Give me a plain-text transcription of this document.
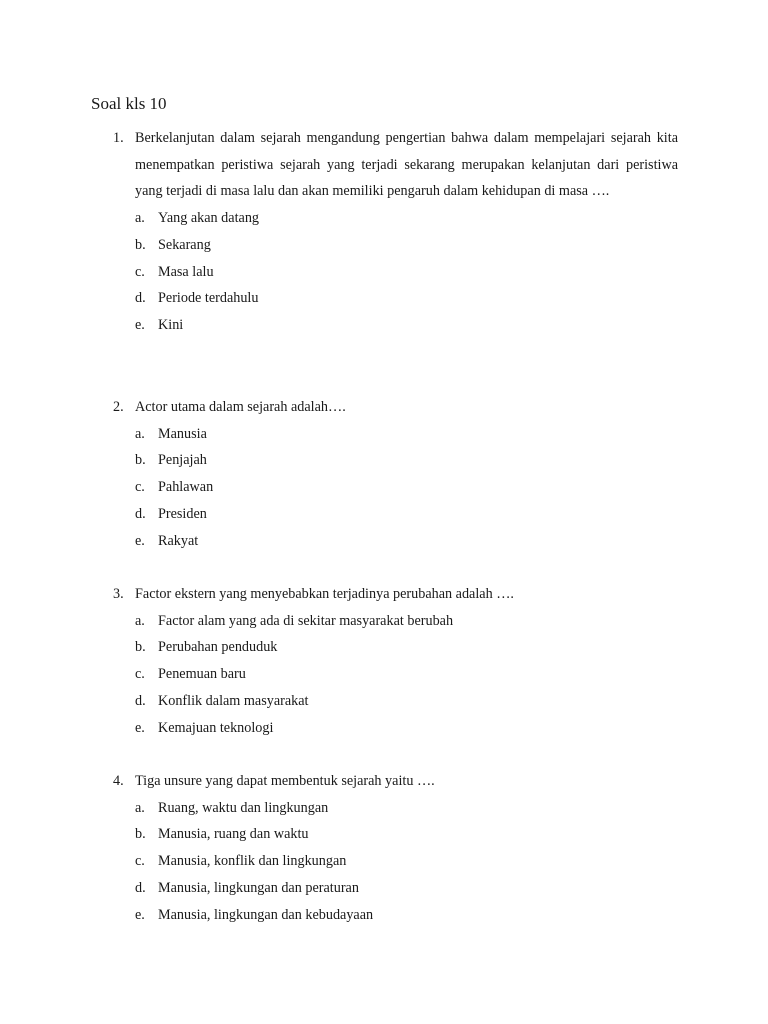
Soal kls 10
1. Berkelanjutan dalam sejarah mengandung pengertian bahwa dalam mempelajari sejarah kita menempatkan peristiwa sejarah yang terjadi sekarang merupakan kelanjutan dari peristiwa yang terjadi di masa lalu dan akan memiliki pengaruh dalam kehidupan di masa ….
a. Yang akan datang
b. Sekarang
c. Masa lalu
d. Periode terdahulu
e. Kini
2. Actor utama dalam sejarah adalah….
a. Manusia
b. Penjajah
c. Pahlawan
d. Presiden
e. Rakyat
3. Factor ekstern yang menyebabkan terjadinya perubahan adalah ….
a. Factor alam yang ada di sekitar masyarakat berubah
b. Perubahan penduduk
c. Penemuan baru
d. Konflik dalam masyarakat
e. Kemajuan teknologi
4. Tiga unsure yang dapat membentuk sejarah yaitu ….
a. Ruang, waktu dan lingkungan
b. Manusia, ruang dan waktu
c. Manusia, konflik dan lingkungan
d. Manusia, lingkungan dan peraturan
e. Manusia, lingkungan dan kebudayaan
